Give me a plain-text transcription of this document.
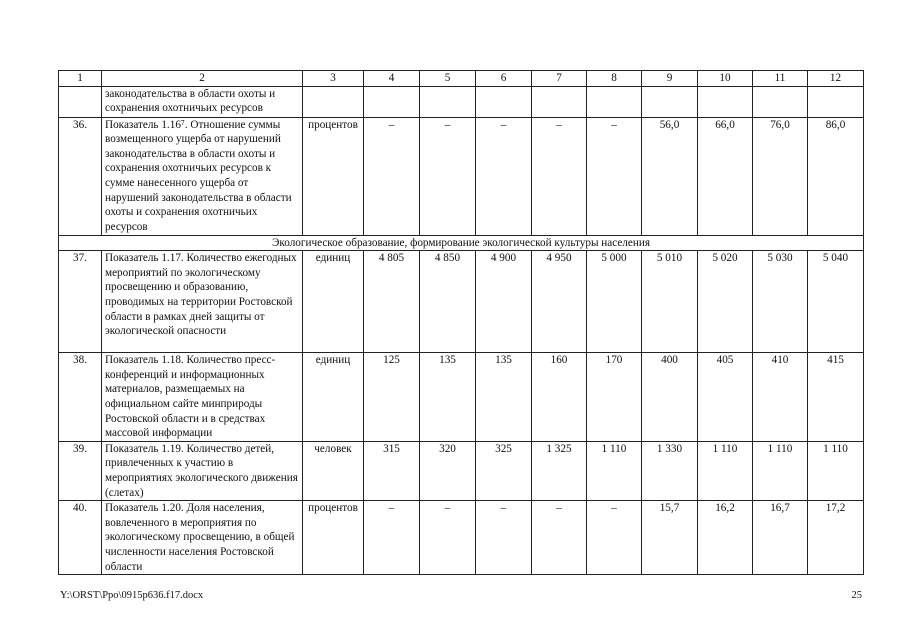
1	2	3	4	5	6	7	8	9	10	11	12
	законодательства в области охоты и сохранения охотничьих ресурсов										
36.	Показатель 1.16⁷. Отношение суммы возмещенного ущерба от нарушений законодательства в области охоты и сохранения охотничьих ресурсов к сумме нанесенного ущерба от нарушений законодательства в области охоты и сохранения охотничьих ресурсов	процентов	–	–	–	–	–	56,0	66,0	76,0	86,0
Экологическое образование, формирование экологической культуры населения											
37.	Показатель 1.17. Количество ежегодных мероприятий по экологическому просвещению и образованию, проводимых на территории Ростовской области в рамках дней защиты от экологической опасности	единиц	4 805	4 850	4 900	4 950	5 000	5 010	5 020	5 030	5 040
38.	Показатель 1.18. Количество пресс-конференций и информационных материалов, размещаемых на официальном сайте минприроды Ростовской области и в средствах массовой информации	единиц	125	135	135	160	170	400	405	410	415
39.	Показатель 1.19. Количество детей, привлеченных к участию в мероприятиях экологического движения (слетах)	человек	315	320	325	1 325	1 110	1 330	1 110	1 110	1 110
40.	Показатель 1.20. Доля населения, вовлеченного в мероприятия по экологическому просвещению, в общей численности населения Ростовской области	процентов	–	–	–	–	–	15,7	16,2	16,7	17,2
Y:\ORST\Ppo\0915p636.f17.docx	25
